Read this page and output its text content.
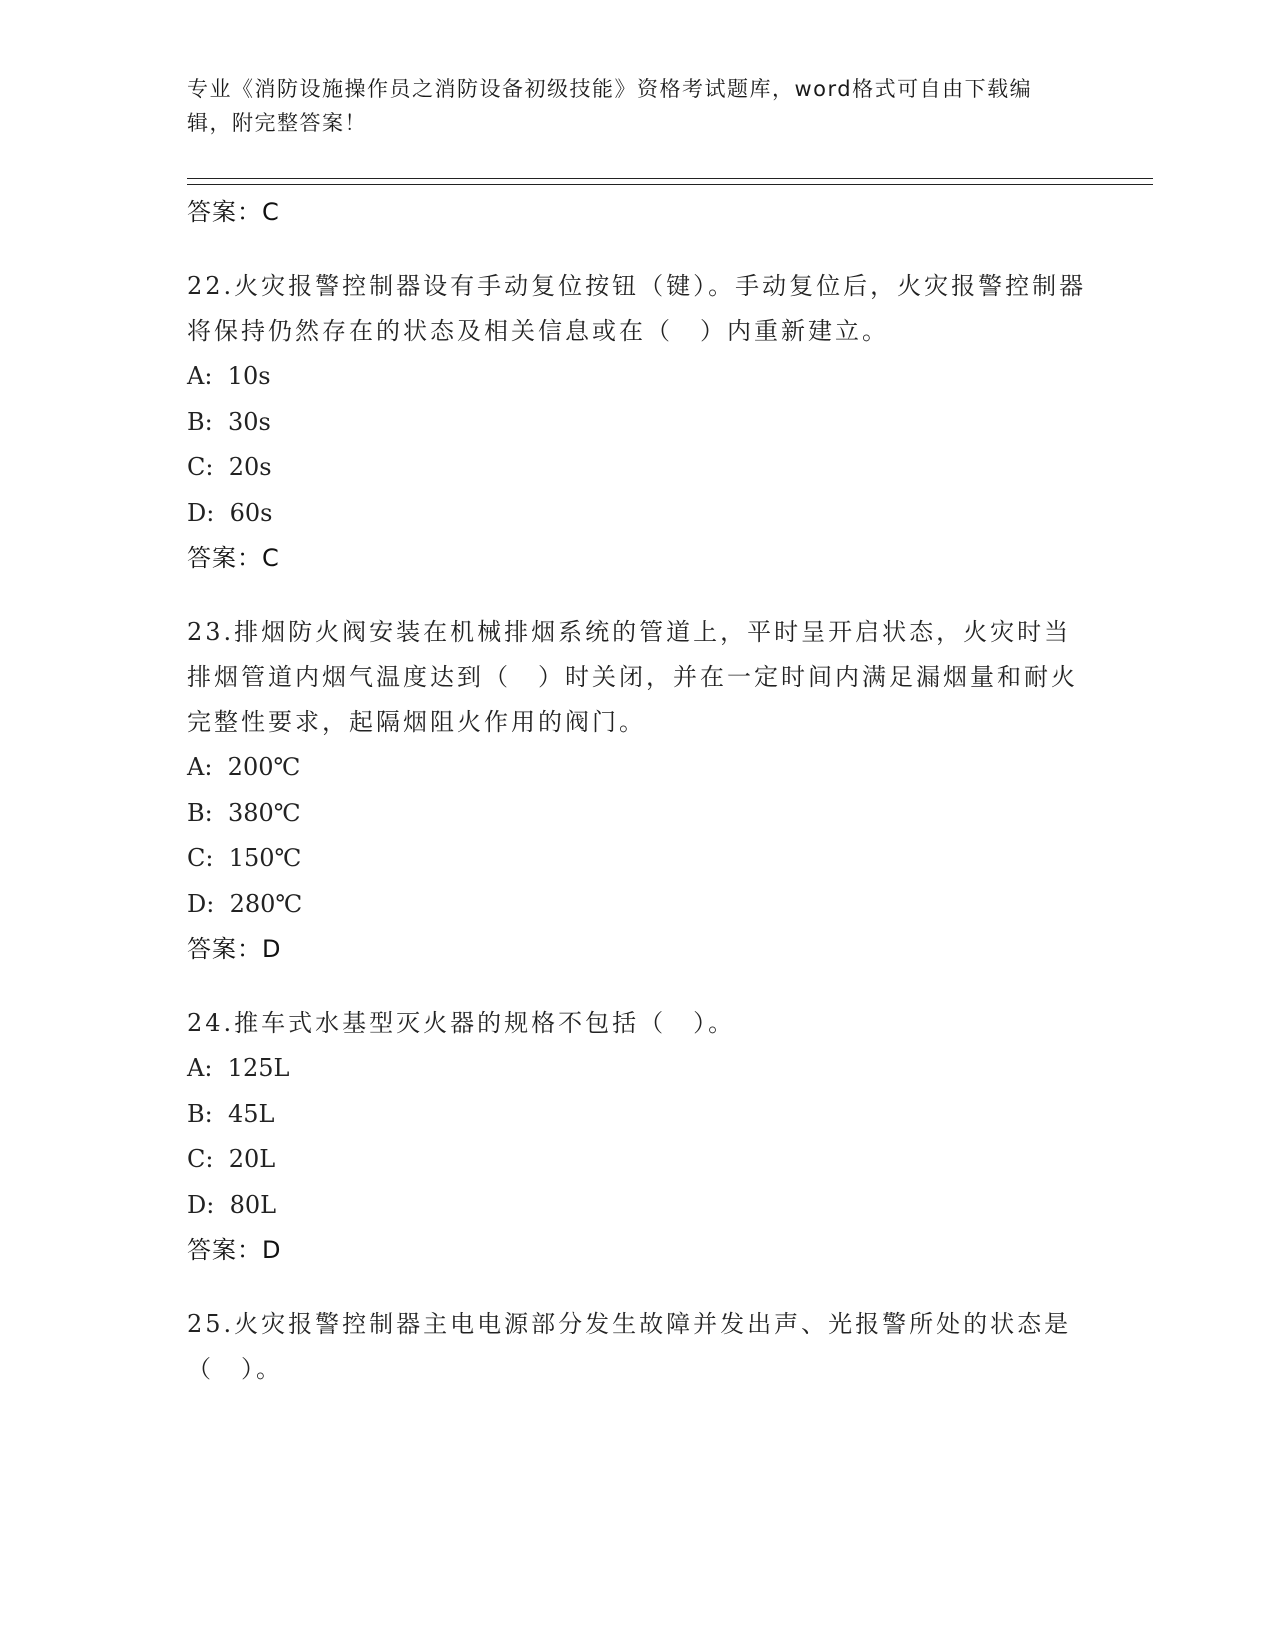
专业《消防设施操作员之消防设备初级技能》资格考试题库，word格式可自由下载编辑，附完整答案！
答案：C
22.火灾报警控制器设有手动复位按钮（键）。手动复位后，火灾报警控制器将保持仍然存在的状态及相关信息或在（　）内重新建立。
A:  10s
B:  30s
C:  20s
D:  60s
答案：C
23.排烟防火阀安装在机械排烟系统的管道上，平时呈开启状态，火灾时当排烟管道内烟气温度达到（　）时关闭，并在一定时间内满足漏烟量和耐火完整性要求，起隔烟阻火作用的阀门。
A:  200℃
B:  380℃
C:  150℃
D:  280℃
答案：D
24.推车式水基型灭火器的规格不包括（　）。
A:  125L
B:  45L
C:  20L
D:  80L
答案：D
25.火灾报警控制器主电电源部分发生故障并发出声、光报警所处的状态是（　）。
